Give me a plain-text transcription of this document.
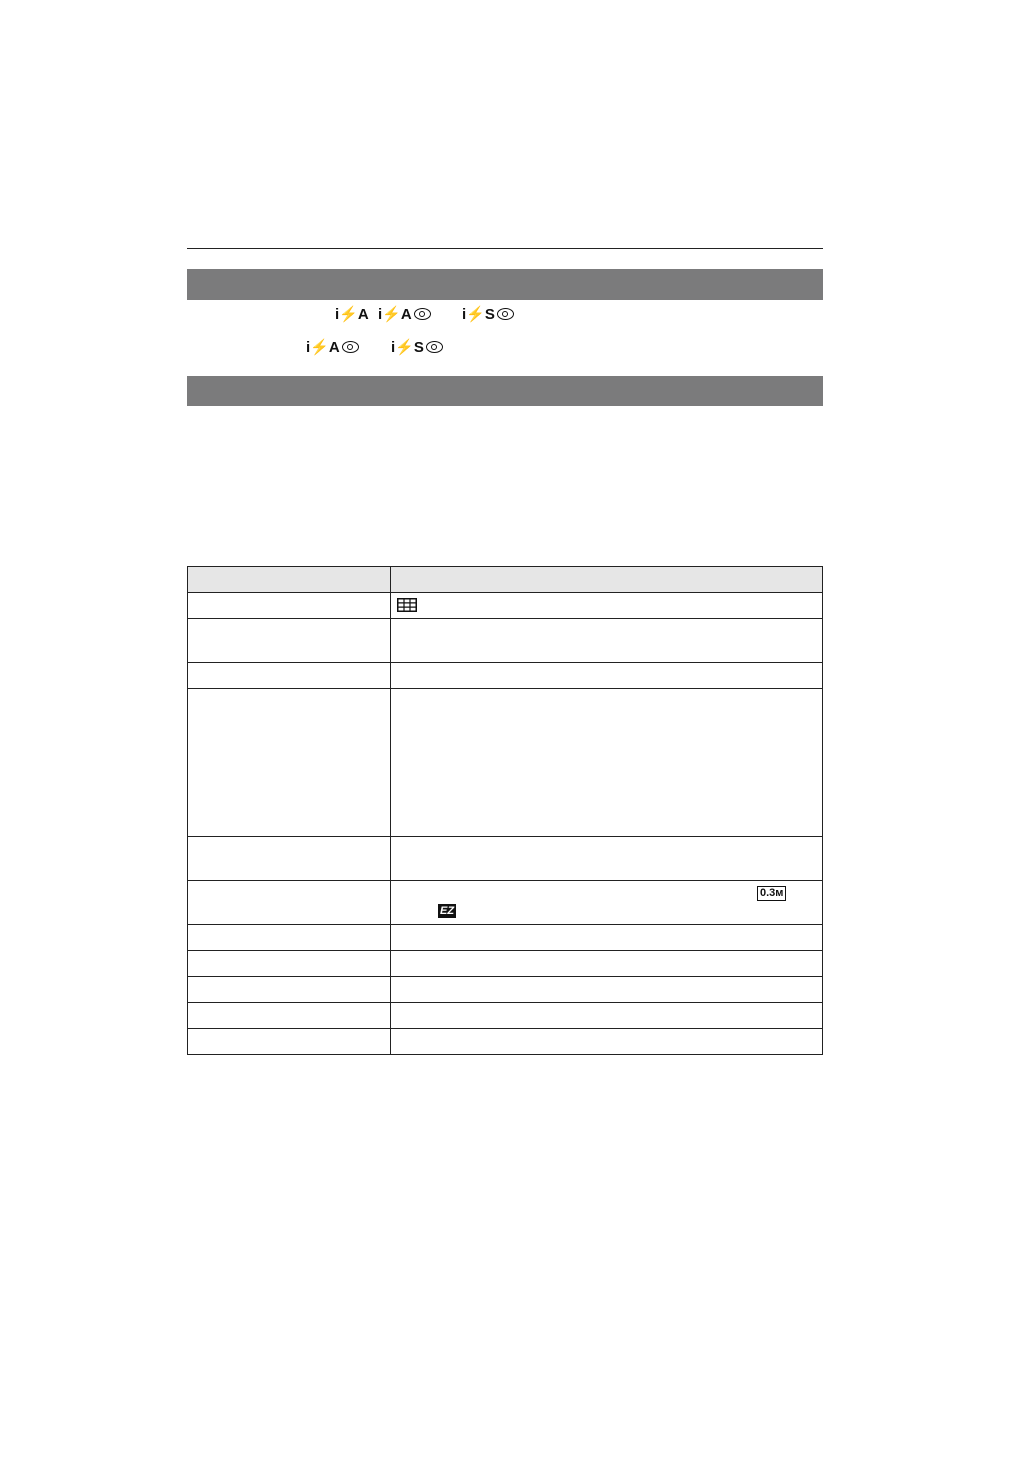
i⚡A i⚡A	i⚡S
i⚡A	i⚡S

	0.3м
EZ
